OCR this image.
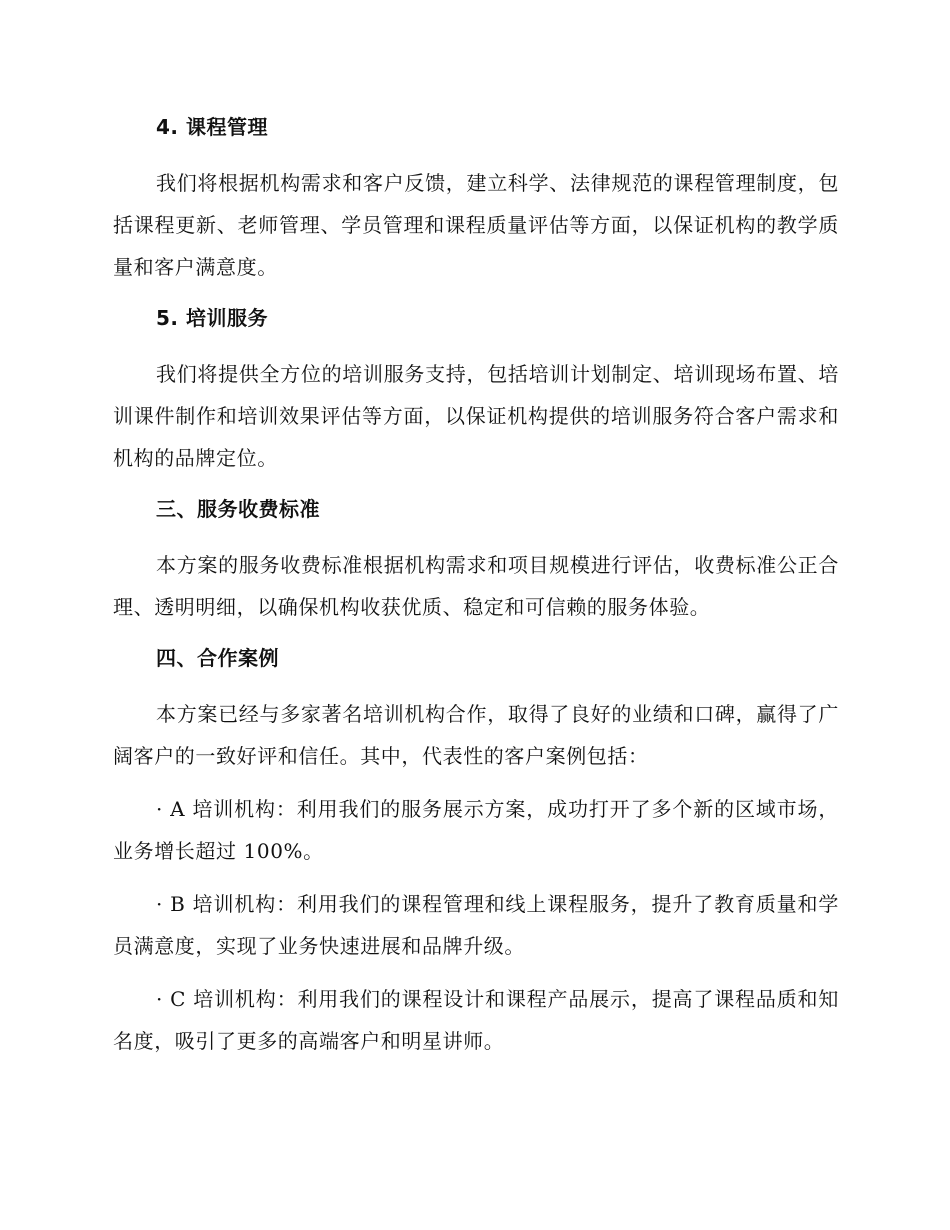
4. 课程管理

我们将根据机构需求和客户反馈，建立科学、法律规范的课程管理制度，包括课程更新、老师管理、学员管理和课程质量评估等方面，以保证机构的教学质量和客户满意度。

5. 培训服务

我们将提供全方位的培训服务支持，包括培训计划制定、培训现场布置、培训课件制作和培训效果评估等方面，以保证机构提供的培训服务符合客户需求和机构的品牌定位。

三、服务收费标准

本方案的服务收费标准根据机构需求和项目规模进行评估，收费标准公正合理、透明明细，以确保机构收获优质、稳定和可信赖的服务体验。

四、合作案例

本方案已经与多家著名培训机构合作，取得了良好的业绩和口碑，赢得了广阔客户的一致好评和信任。其中，代表性的客户案例包括：

· A 培训机构：利用我们的服务展示方案，成功打开了多个新的区域市场，业务增长超过 100%。

· B 培训机构：利用我们的课程管理和线上课程服务，提升了教育质量和学员满意度，实现了业务快速进展和品牌升级。

· C 培训机构：利用我们的课程设计和课程产品展示，提高了课程品质和知名度，吸引了更多的高端客户和明星讲师。
